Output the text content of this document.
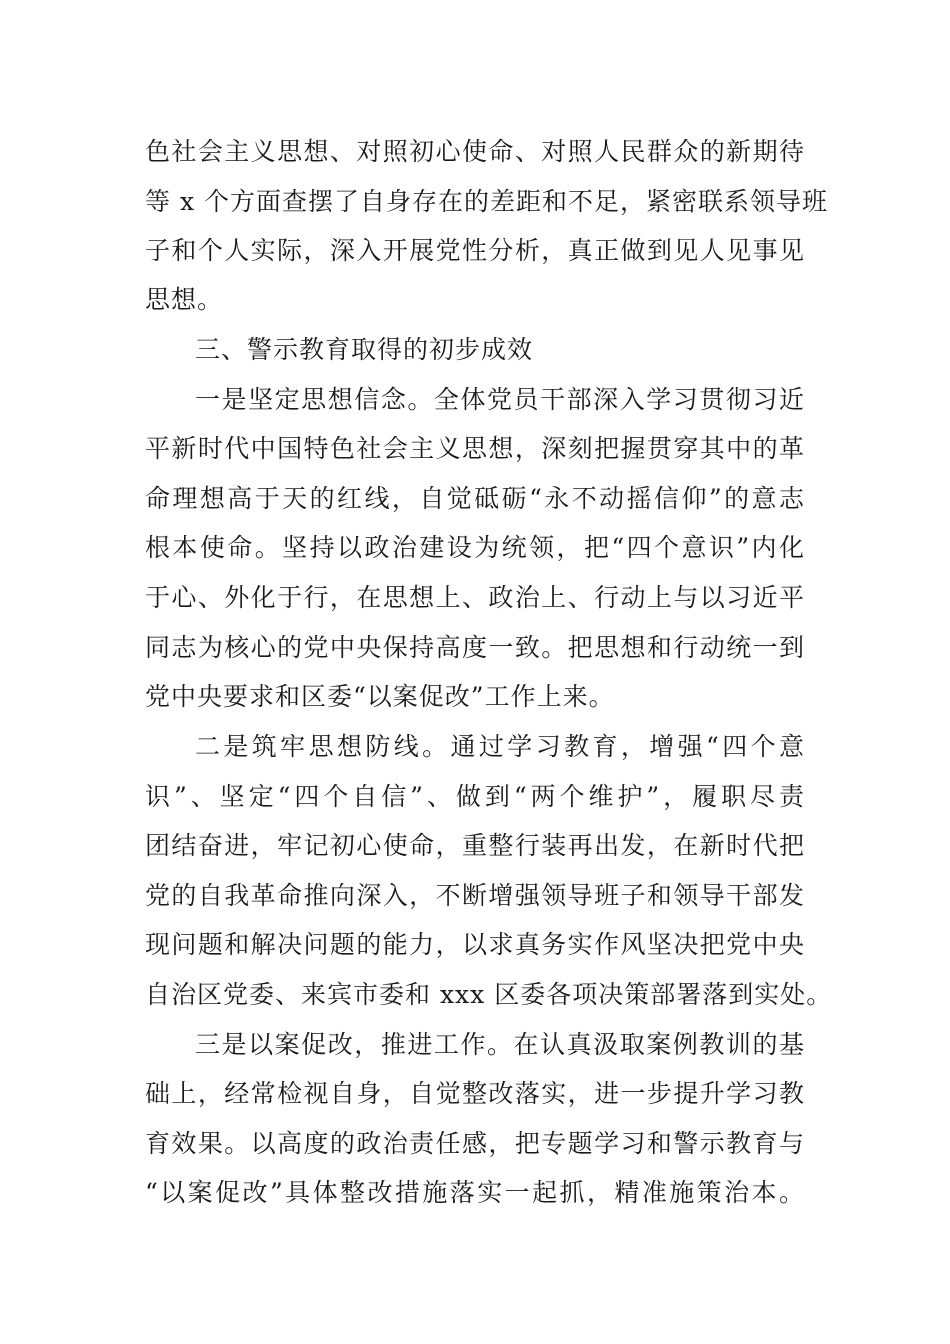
色社会主义思想、对照初心使命、对照人民群众的新期待
等 x 个方面查摆了自身存在的差距和不足，紧密联系领导班
子和个人实际，深入开展党性分析，真正做到见人见事见
思想。
三、警示教育取得的初步成效
一是坚定思想信念。全体党员干部深入学习贯彻习近
平新时代中国特色社会主义思想，深刻把握贯穿其中的革
命理想高于天的红线，自觉砥砺“永不动摇信仰”的意志
根本使命。坚持以政治建设为统领，把“四个意识”内化
于心、外化于行，在思想上、政治上、行动上与以习近平
同志为核心的党中央保持高度一致。把思想和行动统一到
党中央要求和区委“以案促改”工作上来。
二是筑牢思想防线。通过学习教育，增强“四个意
识”、坚定“四个自信”、做到“两个维护”，履职尽责
团结奋进，牢记初心使命，重整行装再出发，在新时代把
党的自我革命推向深入，不断增强领导班子和领导干部发
现问题和解决问题的能力，以求真务实作风坚决把党中央
自治区党委、来宾市委和 xxx 区委各项决策部署落到实处。
三是以案促改，推进工作。在认真汲取案例教训的基
础上，经常检视自身，自觉整改落实，进一步提升学习教
育效果。以高度的政治责任感，把专题学习和警示教育与
“以案促改”具体整改措施落实一起抓，精准施策治本。
